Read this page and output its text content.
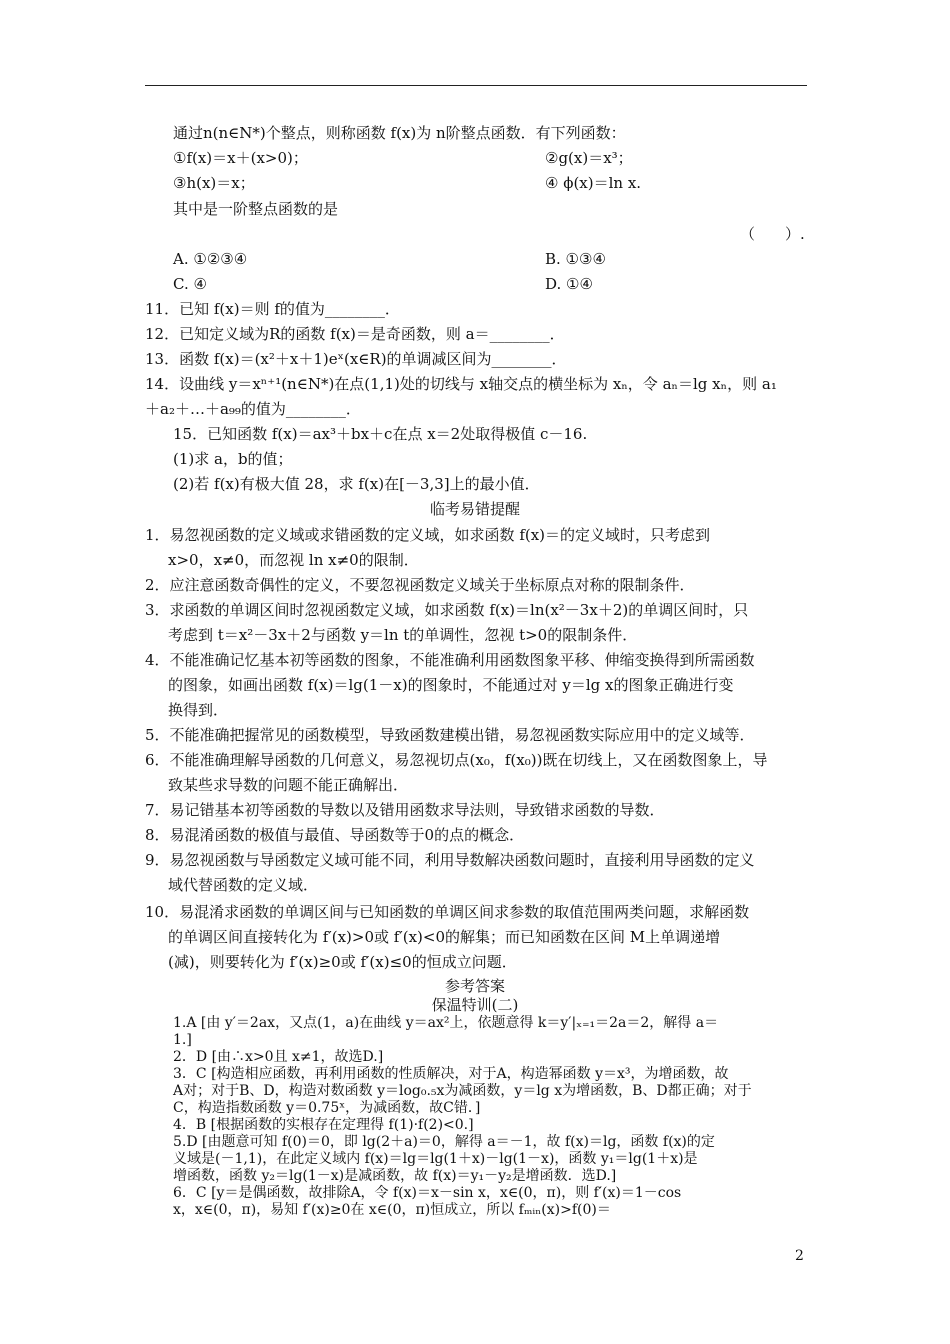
通过n(n∈N*)个整点，则称函数 f(x)为 n阶整点函数．有下列函数：
①f(x)＝x＋(x>0)；	②g(x)＝x³；
③h(x)＝x；	④ ϕ(x)＝ln x.
其中是一阶整点函数的是
（　　）.
A. ①②③④	B. ①③④
C. ④	D. ①④
11．已知 f(x)＝则 f的值为________．
12．已知定义域为R的函数 f(x)＝是奇函数，则 a＝________．
13．函数 f(x)＝(x²＋x＋1)eˣ(x∈R)的单调减区间为________．
14．设曲线 y＝xⁿ⁺¹(n∈N*)在点(1,1)处的切线与 x轴交点的横坐标为 xₙ，令 aₙ＝lg xₙ，则 a₁
＋a₂＋…＋a₉₉的值为________．
15．已知函数 f(x)＝ax³＋bx＋c在点 x＝2处取得极值 c－16.
(1)求 a，b的值；
(2)若 f(x)有极大值 28，求 f(x)在[－3,3]上的最小值．
临考易错提醒
1．易忽视函数的定义域或求错函数的定义域，如求函数 f(x)＝的定义域时，只考虑到
x>0，x≠0，而忽视 ln x≠0的限制．
2．应注意函数奇偶性的定义，不要忽视函数定义域关于坐标原点对称的限制条件．
3．求函数的单调区间时忽视函数定义域，如求函数 f(x)＝ln(x²－3x＋2)的单调区间时，只
考虑到 t＝x²－3x＋2与函数 y＝ln t的单调性，忽视 t>0的限制条件．
4．不能准确记忆基本初等函数的图象，不能准确利用函数图象平移、伸缩变换得到所需函数
的图象，如画出函数 f(x)＝lg(1－x)的图象时，不能通过对 y＝lg x的图象正确进行变
换得到．
5．不能准确把握常见的函数模型，导致函数建模出错，易忽视函数实际应用中的定义域等．
6．不能准确理解导函数的几何意义，易忽视切点(x₀，f(x₀))既在切线上，又在函数图象上，导
致某些求导数的问题不能正确解出．
7．易记错基本初等函数的导数以及错用函数求导法则，导致错求函数的导数．
8．易混淆函数的极值与最值、导函数等于0的点的概念．
9．易忽视函数与导函数定义域可能不同，利用导数解决函数问题时，直接利用导函数的定义
域代替函数的定义域．
10．易混淆求函数的单调区间与已知函数的单调区间求参数的取值范围两类问题，求解函数
的单调区间直接转化为 f′(x)>0或 f′(x)<0的解集；而已知函数在区间 M上单调递增
(减)，则要转化为 f′(x)≥0或 f′(x)≤0的恒成立问题．
参考答案
保温特训(二)
1.A [由 y′＝2ax，又点(1，a)在曲线 y＝ax²上，依题意得 k＝y′|ₓ₌₁＝2a＝2，解得 a＝
1.]
2．D [由∴x>0且 x≠1，故选D.]
3．C [构造相应函数，再利用函数的性质解决，对于A，构造幂函数 y＝x³，为增函数，故
A对；对于B、D，构造对数函数 y＝log₀.₅x为减函数，y＝lg x为增函数，B、D都正确；对于
C，构造指数函数 y＝0.75ˣ，为减函数，故C错．]
4．B [根据函数的实根存在定理得 f(1)·f(2)<0.]
5.D [由题意可知 f(0)＝0，即 lg(2＋a)＝0，解得 a＝－1，故 f(x)＝lg，函数 f(x)的定
义域是(－1,1)，在此定义域内 f(x)＝lg＝lg(1＋x)－lg(1－x)，函数 y₁＝lg(1＋x)是
增函数，函数 y₂＝lg(1－x)是减函数，故 f(x)＝y₁－y₂是增函数．选D.]
6．C [y＝是偶函数，故排除A，令 f(x)＝x－sin x，x∈(0，π)，则 f′(x)＝1－cos
x，x∈(0，π)，易知 f′(x)≥0在 x∈(0，π)恒成立，所以 fₘᵢₙ(x)>f(0)＝
2
